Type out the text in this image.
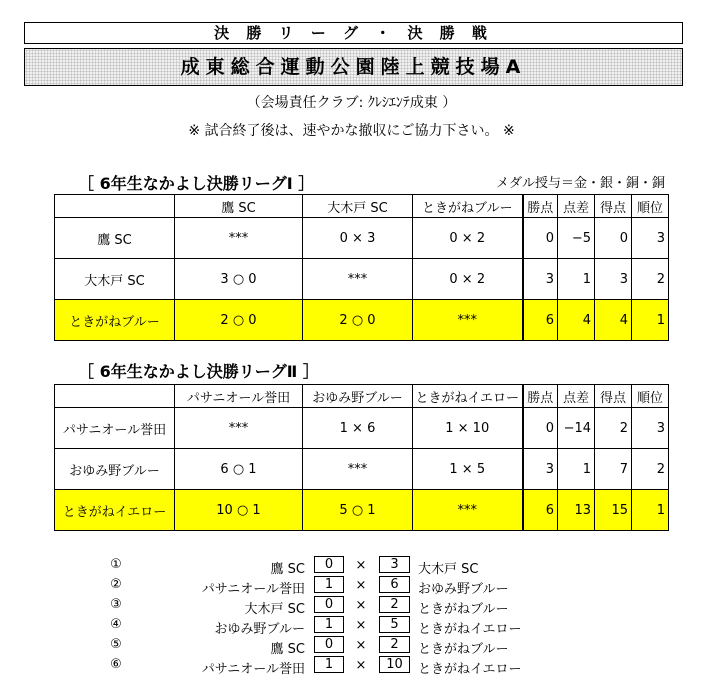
決 勝 リ ー グ ・ 決 勝 戦
成東総合運動公園陸上競技場A
（会場責任クラブ: ｸﾚｼｴﾝﾃ成東 ）
※ 試合終了後は、速やかな撤収にご協力下さい。 ※
［ 6年生なかよし決勝リーグⅠ ］	メダル授与＝金・銀・銅・銅
	鷹 SC	大木戸 SC	ときがねブルー	勝点	点差	得点	順位
鷹 SC	***	0 × 3	0 × 2	0	−5	0	3
大木戸 SC	3 ○ 0	***	0 × 2	3	1	3	2
ときがねブルー	2 ○ 0	2 ○ 0	***	6	4	4	1
［ 6年生なかよし決勝リーグⅡ ］
	パサニオール誉田	おゆみ野ブルー	ときがねイエロー	勝点	点差	得点	順位
パサニオール誉田	***	1 × 6	1 × 10	0	−14	2	3
おゆみ野ブルー	6 ○ 1	***	1 × 5	3	1	7	2
ときがねイエロー	10 ○ 1	5 ○ 1	***	6	13	15	1
①	鷹 SC	0	×	3	大木戸 SC
②	パサニオール誉田	1	×	6	おゆみ野ブルー
③	大木戸 SC	0	×	2	ときがねブルー
④	おゆみ野ブルー	1	×	5	ときがねイエロー
⑤	鷹 SC	0	×	2	ときがねブルー
⑥	パサニオール誉田	1	×	10	ときがねイエロー
